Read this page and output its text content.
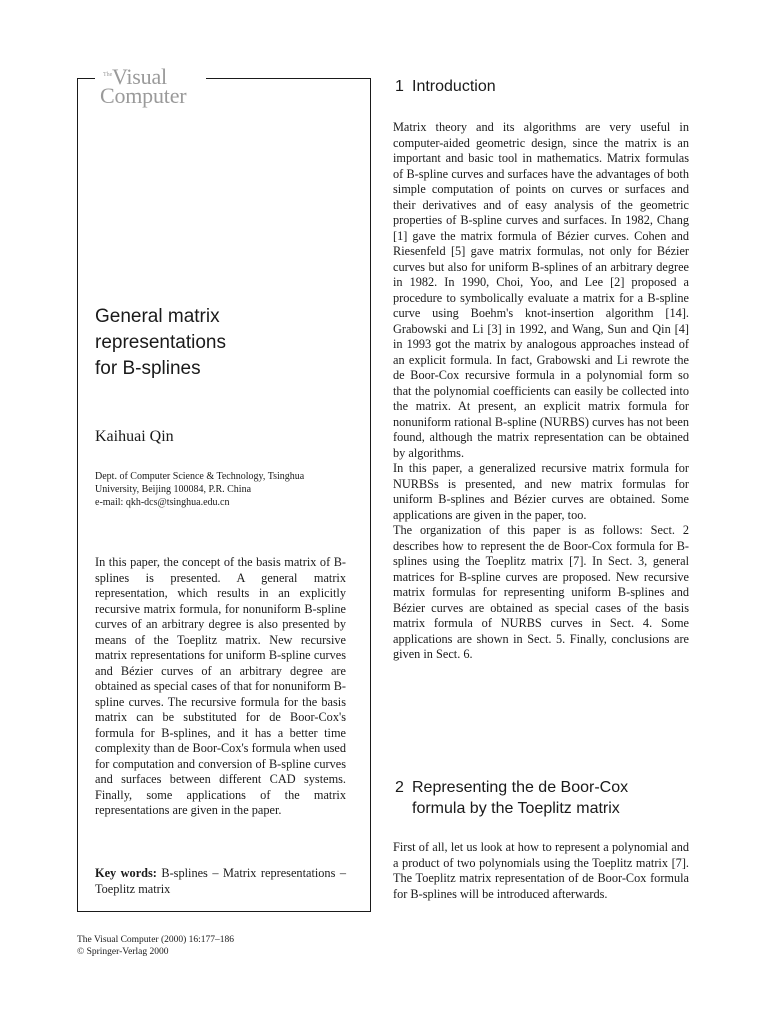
The Visual
Computer
General matrix
representations
for B-splines
Kaihuai Qin
Dept. of Computer Science & Technology, Tsinghua
University, Beijing 100084, P.R. China
e-mail: qkh-dcs@tsinghua.edu.cn

In this paper, the concept of the basis matrix of B-splines is presented. A general matrix representation, which results in an explicitly recursive matrix formula, for nonuniform B-spline curves of an arbitrary degree is also presented by means of the Toeplitz matrix. New recursive matrix representations for uniform B-spline curves and Bézier curves of an arbitrary degree are obtained as special cases of that for nonuniform B-spline curves. The recursive formula for the basis matrix can be substituted for de Boor-Cox's formula for B-splines, and it has a better time complexity than de Boor-Cox's formula when used for computation and conversion of B-spline curves and surfaces between different CAD systems. Finally, some applications of the matrix representations are given in the paper.

Key words: B-splines – Matrix representations – Toeplitz matrix

The Visual Computer (2000) 16:177–186
© Springer-Verlag 2000
1 Introduction

Matrix theory and its algorithms are very useful in computer-aided geometric design, since the matrix is an important and basic tool in mathematics. Matrix formulas of B-spline curves and surfaces have the advantages of both simple computation of points on curves or surfaces and their derivatives and of easy analysis of the geometric properties of B-spline curves and surfaces. In 1982, Chang [1] gave the matrix formula of Bézier curves. Cohen and Riesenfeld [5] gave matrix formulas, not only for Bézier curves but also for uniform B-splines of an arbitrary degree in 1982. In 1990, Choi, Yoo, and Lee [2] proposed a procedure to symbolically evaluate a matrix for a B-spline curve using Boehm's knot-insertion algorithm [14]. Grabowski and Li [3] in 1992, and Wang, Sun and Qin [4] in 1993 got the matrix by analogous approaches instead of an explicit formula. In fact, Grabowski and Li rewrote the de Boor-Cox recursive formula in a polynomial form so that the polynomial coefficients can easily be collected into the matrix. At present, an explicit matrix formula for nonuniform rational B-spline (NURBS) curves has not been found, although the matrix representation can be obtained by algorithms.

In this paper, a generalized recursive matrix formula for NURBSs is presented, and new matrix formulas for uniform B-splines and Bézier curves are obtained. Some applications are given in the paper, too.

The organization of this paper is as follows: Sect. 2 describes how to represent the de Boor-Cox formula for B-splines using the Toeplitz matrix [7]. In Sect. 3, general matrices for B-spline curves are proposed. New recursive matrix formulas for representing uniform B-splines and Bézier curves are obtained as special cases of the basis matrix formula of NURBS curves in Sect. 4. Some applications are shown in Sect. 5. Finally, conclusions are given in Sect. 6.

2 Representing the de Boor-Cox
formula by the Toeplitz matrix

First of all, let us look at how to represent a polynomial and a product of two polynomials using the Toeplitz matrix [7]. The Toeplitz matrix representation of de Boor-Cox formula for B-splines will be introduced afterwards.
